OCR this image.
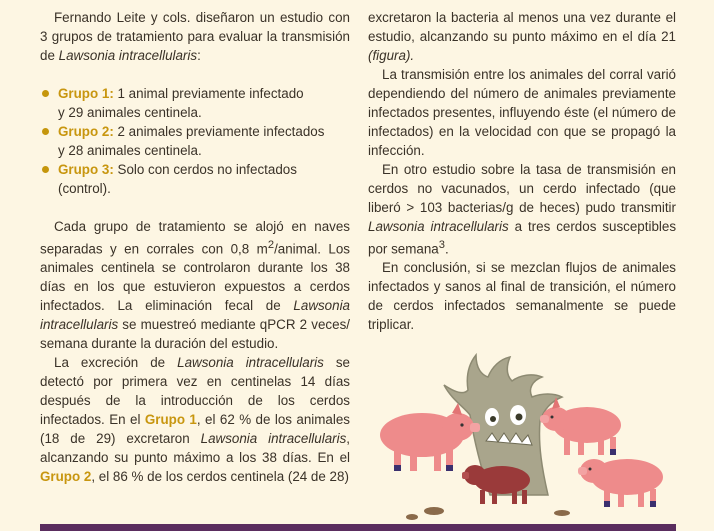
Fernando Leite y cols. diseñaron un estudio con 3 grupos de tratamiento para evaluar la transmisión de Lawsonia intracellularis:

Grupo 1: 1 animal previamente infectado
y 29 animales centinela.
Grupo 2: 2 animales previamente infectados
y 28 animales centinela.
Grupo 3: Solo con cerdos no infectados
(control).

Cada grupo de tratamiento se alojó en naves separadas y en corrales con 0,8 $m^2$/animal. Los animales centinela se controlaron durante los 38 días en los que estuvieron expuestos a cerdos infectados. La eliminación fecal de Lawsonia intracellularis se muestreó mediante qPCR 2 veces/ semana durante la duración del estudio.

La excreción de Lawsonia intracellularis se detectó por primera vez en centinelas 14 días después de la introducción de los cerdos infectados. En el Grupo 1, el 62 % de los animales (18 de 29) excretaron Lawsonia intracellularis, alcanzando su punto máximo a los 38 días. En el Grupo 2, el 86 % de los cerdos centinela (24 de 28)

excretaron la bacteria al menos una vez durante el estudio, alcanzando su punto máximo en el día 21 (figura).

La transmisión entre los animales del corral varió dependiendo del número de animales previamente infectados presentes, influyendo éste (el número de infectados) en la velocidad con que se propagó la infección.

En otro estudio sobre la tasa de transmisión en cerdos no vacunados, un cerdo infectado (que liberó > 103 bacterias/g de heces) pudo transmitir Lawsonia intracellularis a tres cerdos susceptibles por semana$^3$.

En conclusión, si se mezclan flujos de animales infectados y sanos al final de transición, el número de cerdos infectados semanalmente se puede triplicar.
